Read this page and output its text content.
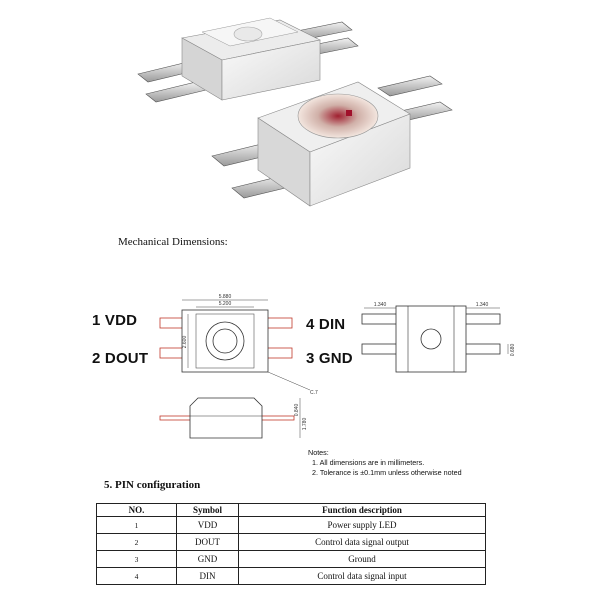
Mechanical Dimensions:
1 VDD
2 DOUT
4 DIN
3 GND
5.880
5.200
2.600
C.7
0.840
1.780
1.340	1.340
0.680
Notes:
1. All dimensions are in millimeters.
2. Tolerance is ±0.1mm unless otherwise noted
5. PIN configuration
NO.	Symbol	Function description
1	VDD	Power supply LED
2	DOUT	Control data signal output
3	GND	Ground
4	DIN	Control data signal input
